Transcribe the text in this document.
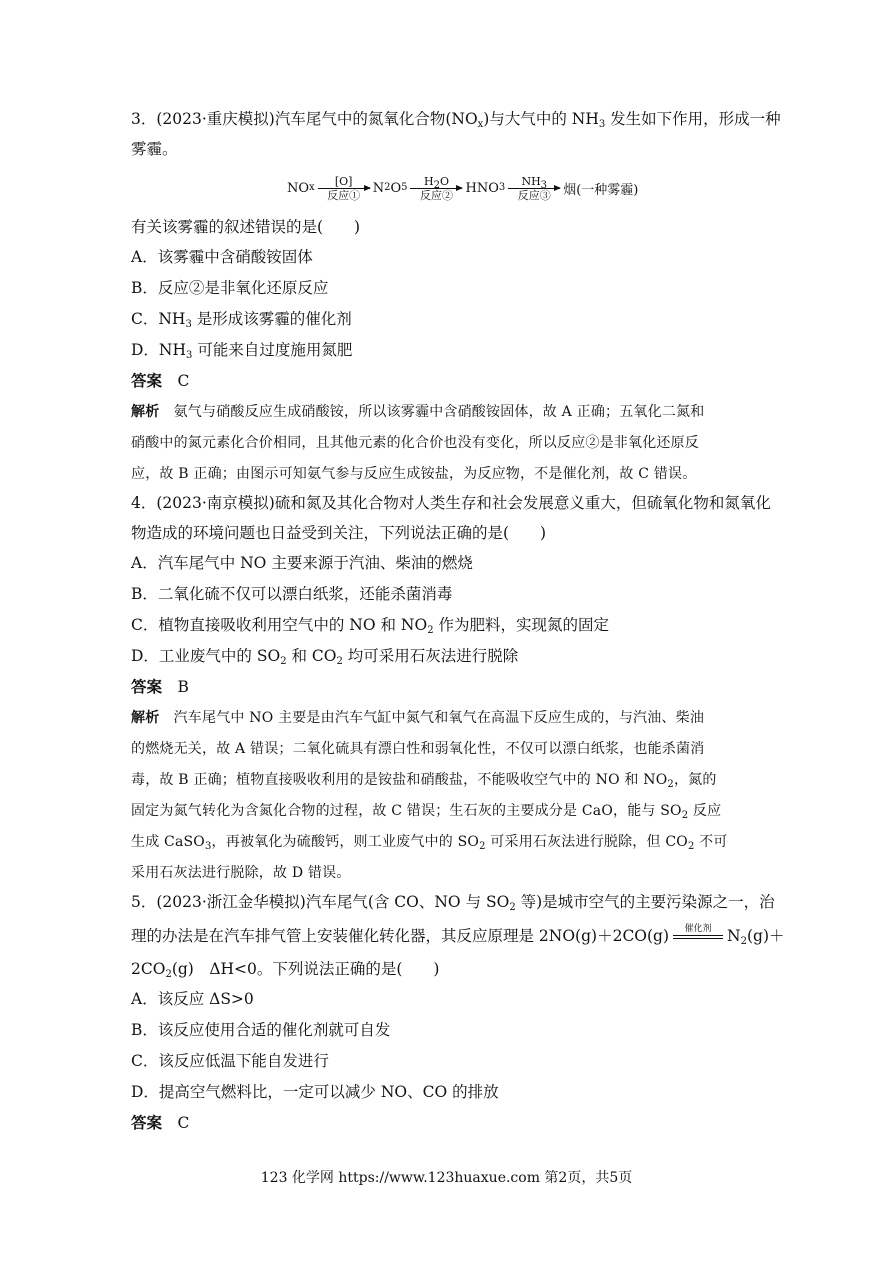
3．(2023·重庆模拟)汽车尾气中的氮氧化合物$(NO_x)$与大气中的 $NH_3$ 发生如下作用，形成一种
雾霾。
NO x [O]
反应① N 2 O 5 $H_2O$
反应② HNO 3 $NH_3$
反应③ 烟(一种雾霾)
有关该雾霾的叙述错误的是(　　)
A．该雾霾中含硝酸铵固体
B．反应②是非氧化还原反应
C．$NH_3$ 是形成该雾霾的催化剂
D．$NH_3$ 可能来自过度施用氮肥
答案　 C
解析　 氨气与硝酸反应生成硝酸铵，所以该雾霾中含硝酸铵固体，故 A 正确；五氧化二氮和
硝酸中的氮元素化合价相同，且其他元素的化合价也没有变化，所以反应②是非氧化还原反
应，故 B 正确；由图示可知氨气参与反应生成铵盐，为反应物，不是催化剂，故 C 错误。
4．(2023·南京模拟)硫和氮及其化合物对人类生存和社会发展意义重大，但硫氧化物和氮氧化
物造成的环境问题也日益受到关注，下列说法正确的是(　　)
A．汽车尾气中 NO 主要来源于汽油、柴油的燃烧
B．二氧化硫不仅可以漂白纸浆，还能杀菌消毒
C．植物直接吸收利用空气中的 NO 和 $NO_2$ 作为肥料，实现氮的固定
D．工业废气中的 $SO_2$ 和 $CO_2$ 均可采用石灰法进行脱除
答案　 B
解析　 汽车尾气中 NO 主要是由汽车气缸中氮气和氧气在高温下反应生成的，与汽油、柴油
的燃烧无关，故 A 错误；二氧化硫具有漂白性和弱氧化性，不仅可以漂白纸浆，也能杀菌消
毒，故 B 正确；植物直接吸收利用的是铵盐和硝酸盐，不能吸收空气中的 NO 和 $NO_2$，氮的
固定为氮气转化为含氮化合物的过程，故 C 错误；生石灰的主要成分是 CaO，能与 $SO_2$ 反应
生成 CaSO$_3$，再被氧化为硫酸钙，则工业废气中的 $SO_2$ 可采用石灰法进行脱除，但 $CO_2$ 不可
采用石灰法进行脱除，故 D 错误。
5．(2023·浙江金华模拟)汽车尾气(含 CO、NO 与 $SO_2$ 等)是城市空气的主要污染源之一，治
理的办法是在汽车排气管上安装催化转化器，其反应原理是 2NO(g)＋2CO(g) 催化剂 $N_2(g)+$
$2CO_2(g)$　ΔH<0。下列说法正确的是(　　)
A．该反应 ΔS>0
B．该反应使用合适的催化剂就可自发
C．该反应低温下能自发进行
D．提高空气燃料比，一定可以减少 NO、CO 的排放
答案　 C
123 化学网 https://www.123huaxue.com 第2页，共5页
